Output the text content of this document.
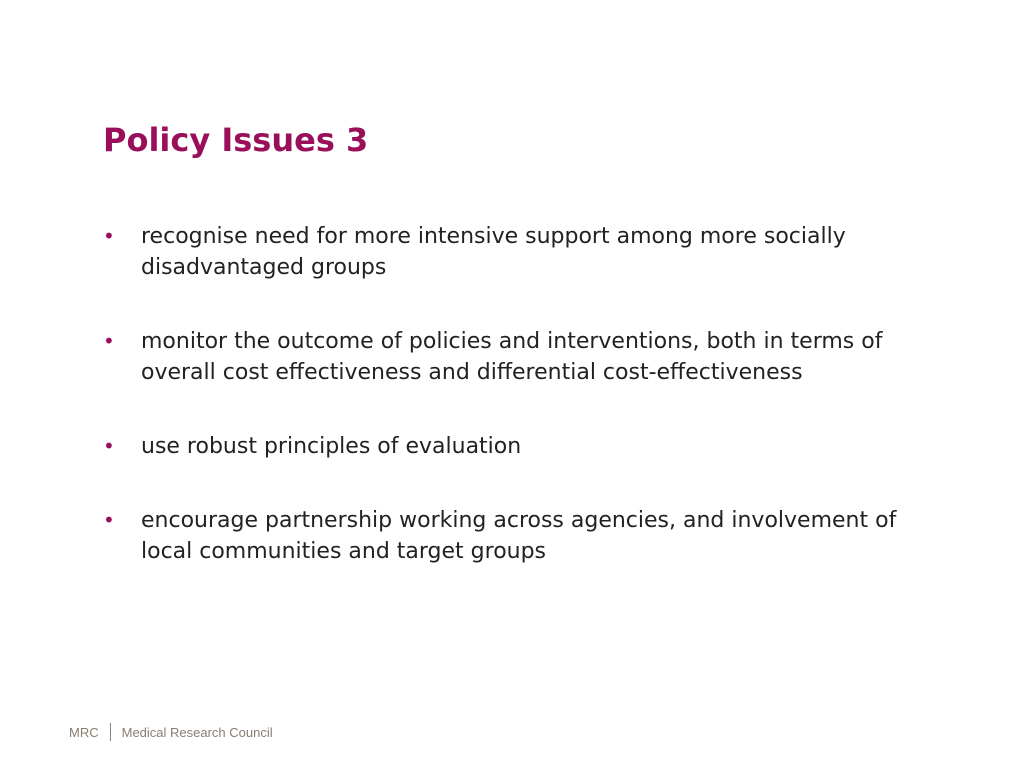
Policy Issues 3
•	recognise need for more intensive support among more socially disadvantaged groups
•	monitor the outcome of policies and interventions, both in terms of overall cost effectiveness and differential cost-effectiveness
•	use robust principles of evaluation
•	encourage partnership working across agencies, and involvement of local communities and target groups
MRC Medical Research Council
